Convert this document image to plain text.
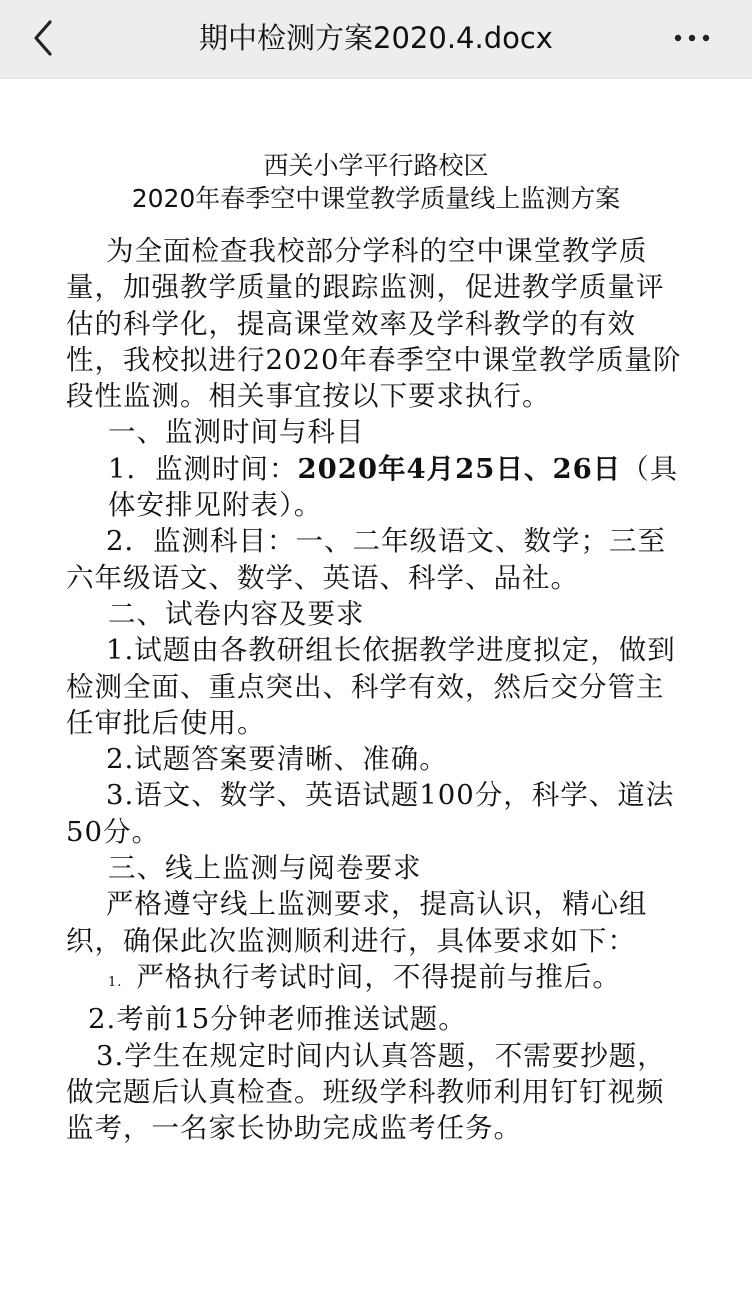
期中检测方案2020.4.docx
西关小学平行路校区
2020年春季空中课堂教学质量线上监测方案

为全面检查我校部分学科的空中课堂教学质量，加强教学质量的跟踪监测，促进教学质量评估的科学化，提高课堂效率及学科教学的有效性，我校拟进行2020年春季空中课堂教学质量阶段性监测。相关事宜按以下要求执行。

一、监测时间与科目

1．监测时间：2020年4月25日、26日（具体安排见附表）。

2．监测科目：一、二年级语文、数学；三至六年级语文、数学、英语、科学、品社。

二、试卷内容及要求

1.试题由各教研组长依据教学进度拟定，做到检测全面、重点突出、科学有效，然后交分管主任审批后使用。

2.试题答案要清晰、准确。

3.语文、数学、英语试题100分，科学、道法50分。

三、线上监测与阅卷要求

严格遵守线上监测要求，提高认识，精心组织，确保此次监测顺利进行，具体要求如下：

1. 严格执行考试时间，不得提前与推后。

2.考前15分钟老师推送试题。

3.学生在规定时间内认真答题，不需要抄题，做完题后认真检查。班级学科教师利用钉钉视频监考，一名家长协助完成监考任务。
